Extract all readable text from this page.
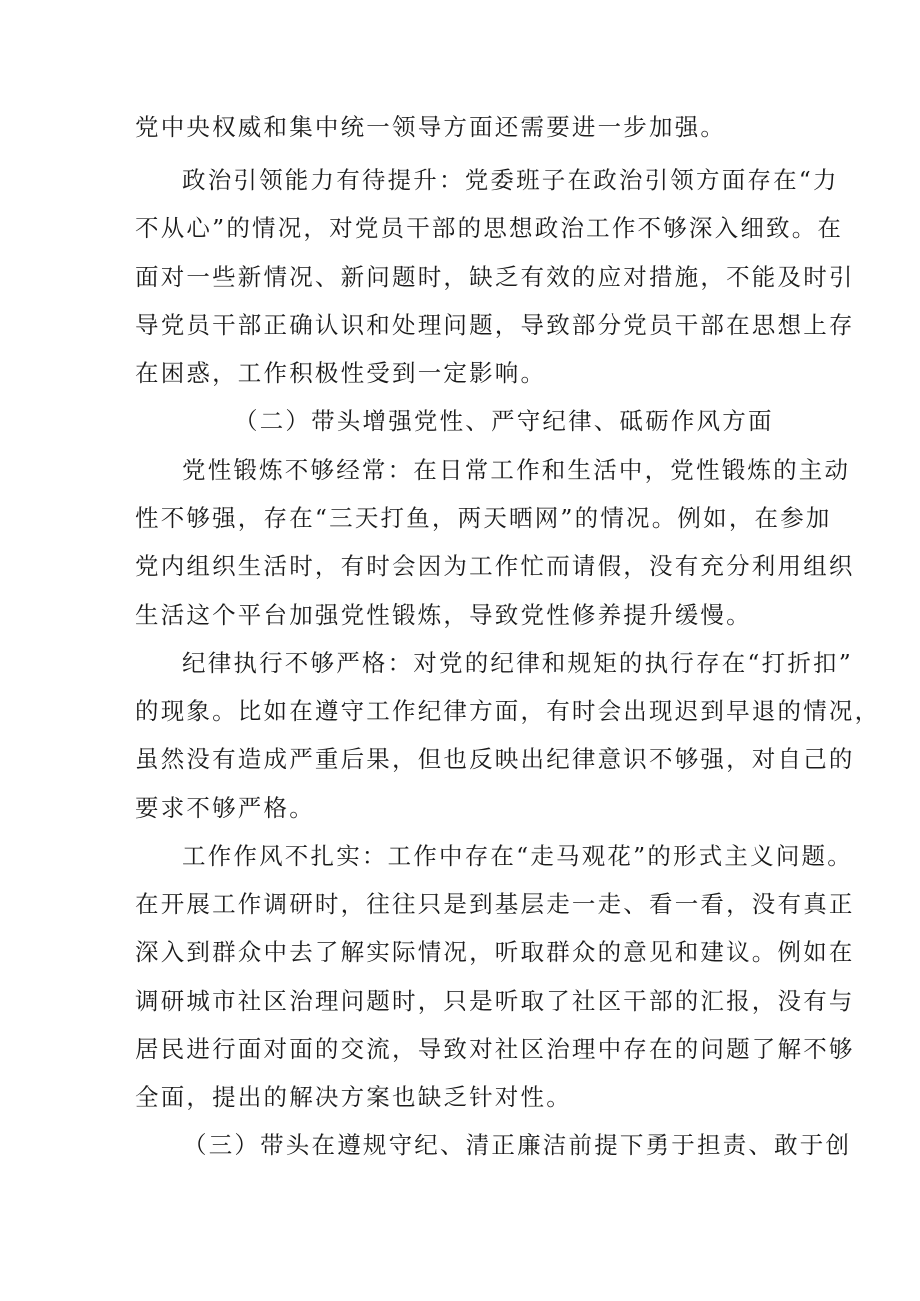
党中央权威和集中统一领导方面还需要进一步加强。
政治引领能力有待提升：党委班子在政治引领方面存在“力
不从心”的情况，对党员干部的思想政治工作不够深入细致。在
面对一些新情况、新问题时，缺乏有效的应对措施，不能及时引
导党员干部正确认识和处理问题，导致部分党员干部在思想上存
在困惑，工作积极性受到一定影响。
（二）带头增强党性、严守纪律、砥砺作风方面
党性锻炼不够经常：在日常工作和生活中，党性锻炼的主动
性不够强，存在“三天打鱼，两天晒网”的情况。例如，在参加
党内组织生活时，有时会因为工作忙而请假，没有充分利用组织
生活这个平台加强党性锻炼，导致党性修养提升缓慢。
纪律执行不够严格：对党的纪律和规矩的执行存在“打折扣”
的现象。比如在遵守工作纪律方面，有时会出现迟到早退的情况，
虽然没有造成严重后果，但也反映出纪律意识不够强，对自己的
要求不够严格。
工作作风不扎实：工作中存在“走马观花”的形式主义问题。
在开展工作调研时，往往只是到基层走一走、看一看，没有真正
深入到群众中去了解实际情况，听取群众的意见和建议。例如在
调研城市社区治理问题时，只是听取了社区干部的汇报，没有与
居民进行面对面的交流，导致对社区治理中存在的问题了解不够
全面，提出的解决方案也缺乏针对性。
（三）带头在遵规守纪、清正廉洁前提下勇于担责、敢于创
